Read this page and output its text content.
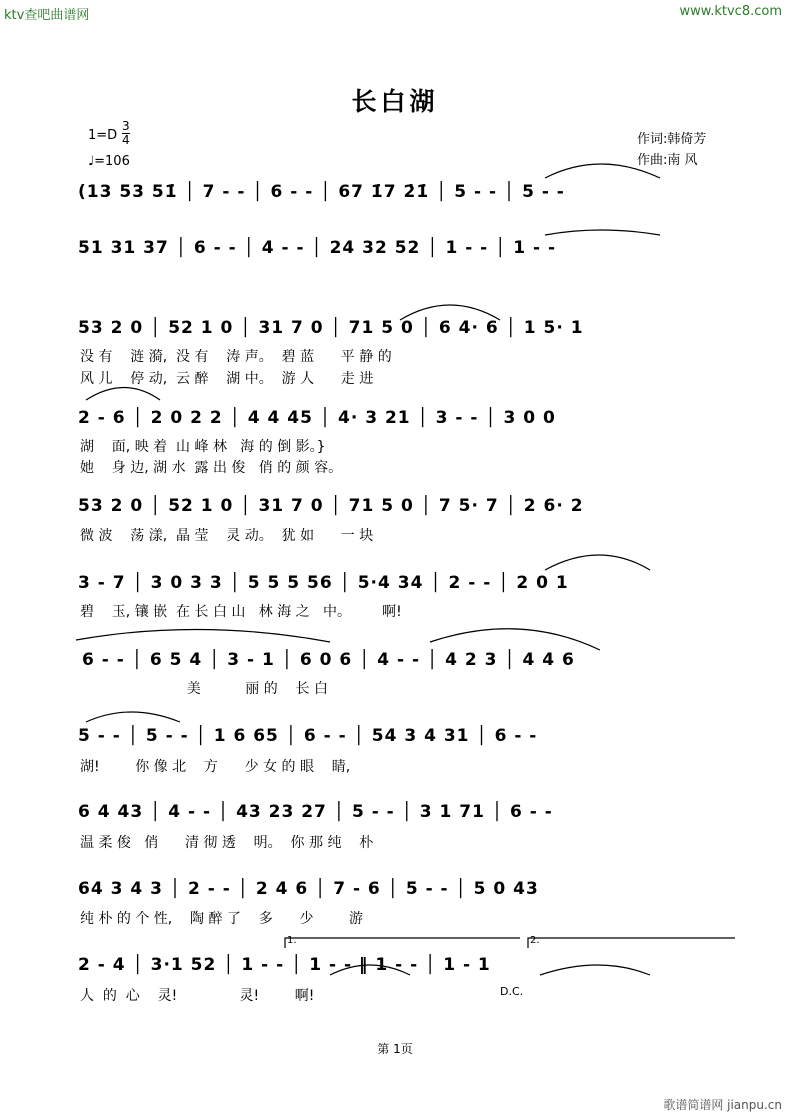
ktv查吧曲谱网	www.ktvc8.com
长白湖
$1=D \frac{3}{4}$
♩=106
作词:韩倚芳
作曲:南 风
(13 53 51̇ │ 7 - - │ 6 - - │ 67 1̇7 2̇1̇ │ 5 - - │ 5 - -
51 31 37 │ 6 - - │ 4 - - │ 24 32 52 │ 1 - - │ 1 - -
53 2 0 │ 52 1 0 │ 31 7 0 │ 71 5 0 │ 6 4· 6 │ 1 5· 1
没 有    涟 漪,  没 有    涛 声。  碧 蓝      平 静 的
风 儿    停 动,  云 醉    湖 中。  游 人      走 进
2 - 6 │ 2 0 2 2 │ 4 4 45 │ 4· 3 21 │ 3 - - │ 3 0 0
湖    面, 映 着  山 峰 林   海 的 倒 影。}
她    身 边, 湖 水  露 出 俊   俏 的 颜 容。
53 2 0 │ 52 1 0 │ 31 7 0 │ 71 5 0 │ 7 5· 7 │ 2 6· 2
微 波    荡 漾,  晶 莹    灵 动。  犹 如      一 块
3 - 7 │ 3 0 3 3 │ 5 5 5 56 │ 5·4 34 │ 2 - - │ 2 0 1
碧    玉, 镶 嵌  在 长 白 山   林 海 之   中。       啊!
6 - - │ 6 5 4 │ 3 - 1 │ 6 0 6 │ 4 - - │ 4 2 3 │ 4 4 6
美          丽 的    长 白
5 - - │ 5 - - │ 1 6 65 │ 6 - - │ 54 3 4 31 │ 6 - -
湖!        你 像 北    方      少 女 的 眼    睛,
6 4 43 │ 4 - - │ 43 23 27 │ 5 - - │ 3 1 71 │ 6 - -
温 柔 俊   俏      清 彻 透    明。  你 那 纯    朴
64 3 4 3 │ 2 - - │ 2 4 6 │ 7 - 6 │ 5 - - │ 5 0 43
纯 朴 的 个 性,    陶 醉 了    多      少        游
1.	2.
2 - 4 │ 3·1 52 │ 1 - - │ 1 - - ‖ 1 - - │ 1 - 1
人  的  心    灵!              灵!        啊!	D.C.
第 1页
歌谱简谱网 jianpu.cn
